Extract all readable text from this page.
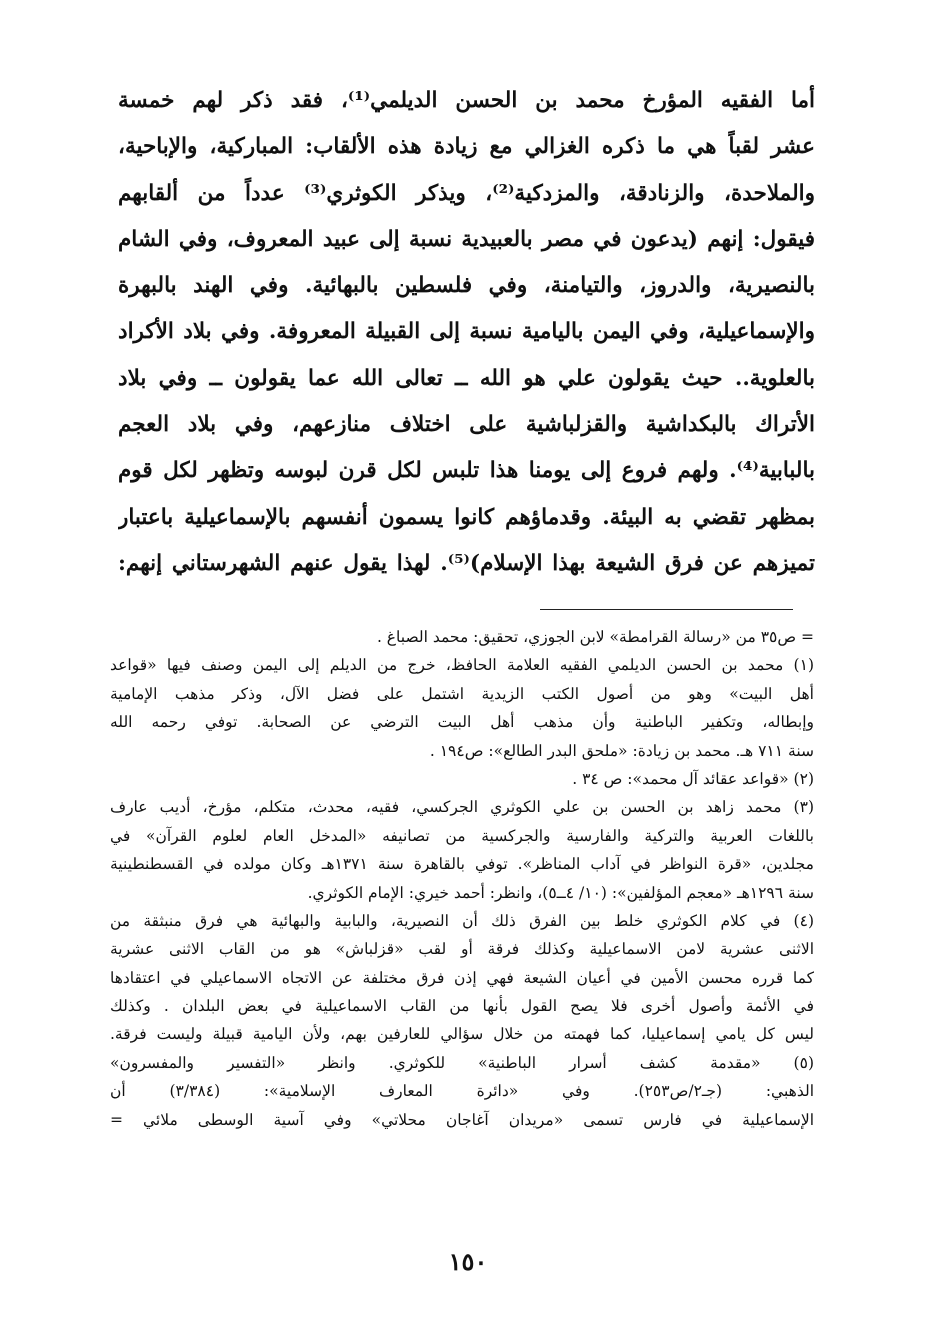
أما الفقيه المؤرخ محمد بن الحسن الديلمي⁽¹⁾، فقد ذكر لهم خمسة
عشر لقباً هي ما ذكره الغزالي مع زيادة هذه الألقاب: المباركية، والإباحية،
والملاحدة، والزنادقة، والمزدكية⁽²⁾، ويذكر الكوثري⁽³⁾ عدداً من ألقابهم
فيقول: إنهم (يدعون في مصر بالعبيدية نسبة إلى عبيد المعروف، وفي الشام
بالنصيرية، والدروز، والتيامنة، وفي فلسطين بالبهائية. وفي الهند بالبهرة
والإسماعيلية، وفي اليمن باليامية نسبة إلى القبيلة المعروفة. وفي بلاد الأكراد
بالعلوية.. حيث يقولون علي هو الله ــ تعالى الله عما يقولون ــ وفي بلاد
الأتراك بالبكداشية والقزلباشية على اختلاف منازعهم، وفي بلاد العجم
بالبابية⁽⁴⁾. ولهم فروع إلى يومنا هذا تلبس لكل قرن لبوسه وتظهر لكل قوم
بمظهر تقضي به البيئة. وقدماؤهم كانوا يسمون أنفسهم بالإسماعيلية باعتبار
تميزهم عن فرق الشيعة بهذا الإسلام)⁽⁵⁾. لهذا يقول عنهم الشهرستاني إنهم:
= ص٣٥ من «رسالة القرامطة» لابن الجوزي، تحقيق: محمد الصباغ .
(١) محمد بن الحسن الديلمي الفقيه العلامة الحافظ، خرج من الديلم إلى اليمن وصنف فيها «قواعد
أهل البيت» وهو من أصول الكتب الزيدية اشتمل على فضل الآل، وذكر مذهب الإمامية
وإبطاله، وتكفير الباطنية وأن مذهب أهل البيت الترضي عن الصحابة. توفي رحمه الله
سنة ٧١١ هـ. محمد بن زيادة: «ملحق البدر الطالع»: ص١٩٤ .
(٢) «قواعد عقائد آل محمد»: ص ٣٤ .
(٣) محمد زاهد بن الحسن بن علي الكوثري الجركسي، فقيه، محدث، متكلم، مؤرخ، أديب عارف
باللغات العربية والتركية والفارسية والجركسية من تصانيفه «المدخل العام لعلوم القرآن» في
مجلدين، «قرة النواظر في آداب المناظر». توفي بالقاهرة سنة ١٣٧١هـ وكان مولده في القسطنطينية
سنة ١٢٩٦هـ «معجم المؤلفين»: (١٠/ ٤ــ٥)، وانظر: أحمد خيري: الإمام الكوثري.
(٤) في كلام الكوثري خلط بين الفرق ذلك أن النصيرية، والبابية والبهائية هي فرق منبثقة من
الاثنى عشرية لامن الاسماعيلية وكذلك فرقة أو لقب «قزلباش» هو من القاب الاثنى عشرية
كما قرره محسن الأمين في أعيان الشيعة فهي إذن فرق مختلفة عن الاتجاه الاسماعيلي في اعتقادها
في الأئمة وأصول أخرى فلا يصح القول بأنها من القاب الاسماعيلية في بعض البلدان . وكذلك
ليس كل يامي إسماعيليا، كما فهمته من خلال سؤالي للعارفين بهم، ولأن اليامية قبيلة وليست فرقة.
(٥) «مقدمة كشف أسرار الباطنية» للكوثري. وانظر «التفسير والمفسرون»
الذهبي: (جـ٢/ص٢٥٣). وفي «دائرة المعارف الإسلامية»: (٣/٣٨٤) أن
الإسماعيلية في فارس تسمى «مريدان آغاجان محلاتي» وفي آسية الوسطى ملائي =
١٥٠
